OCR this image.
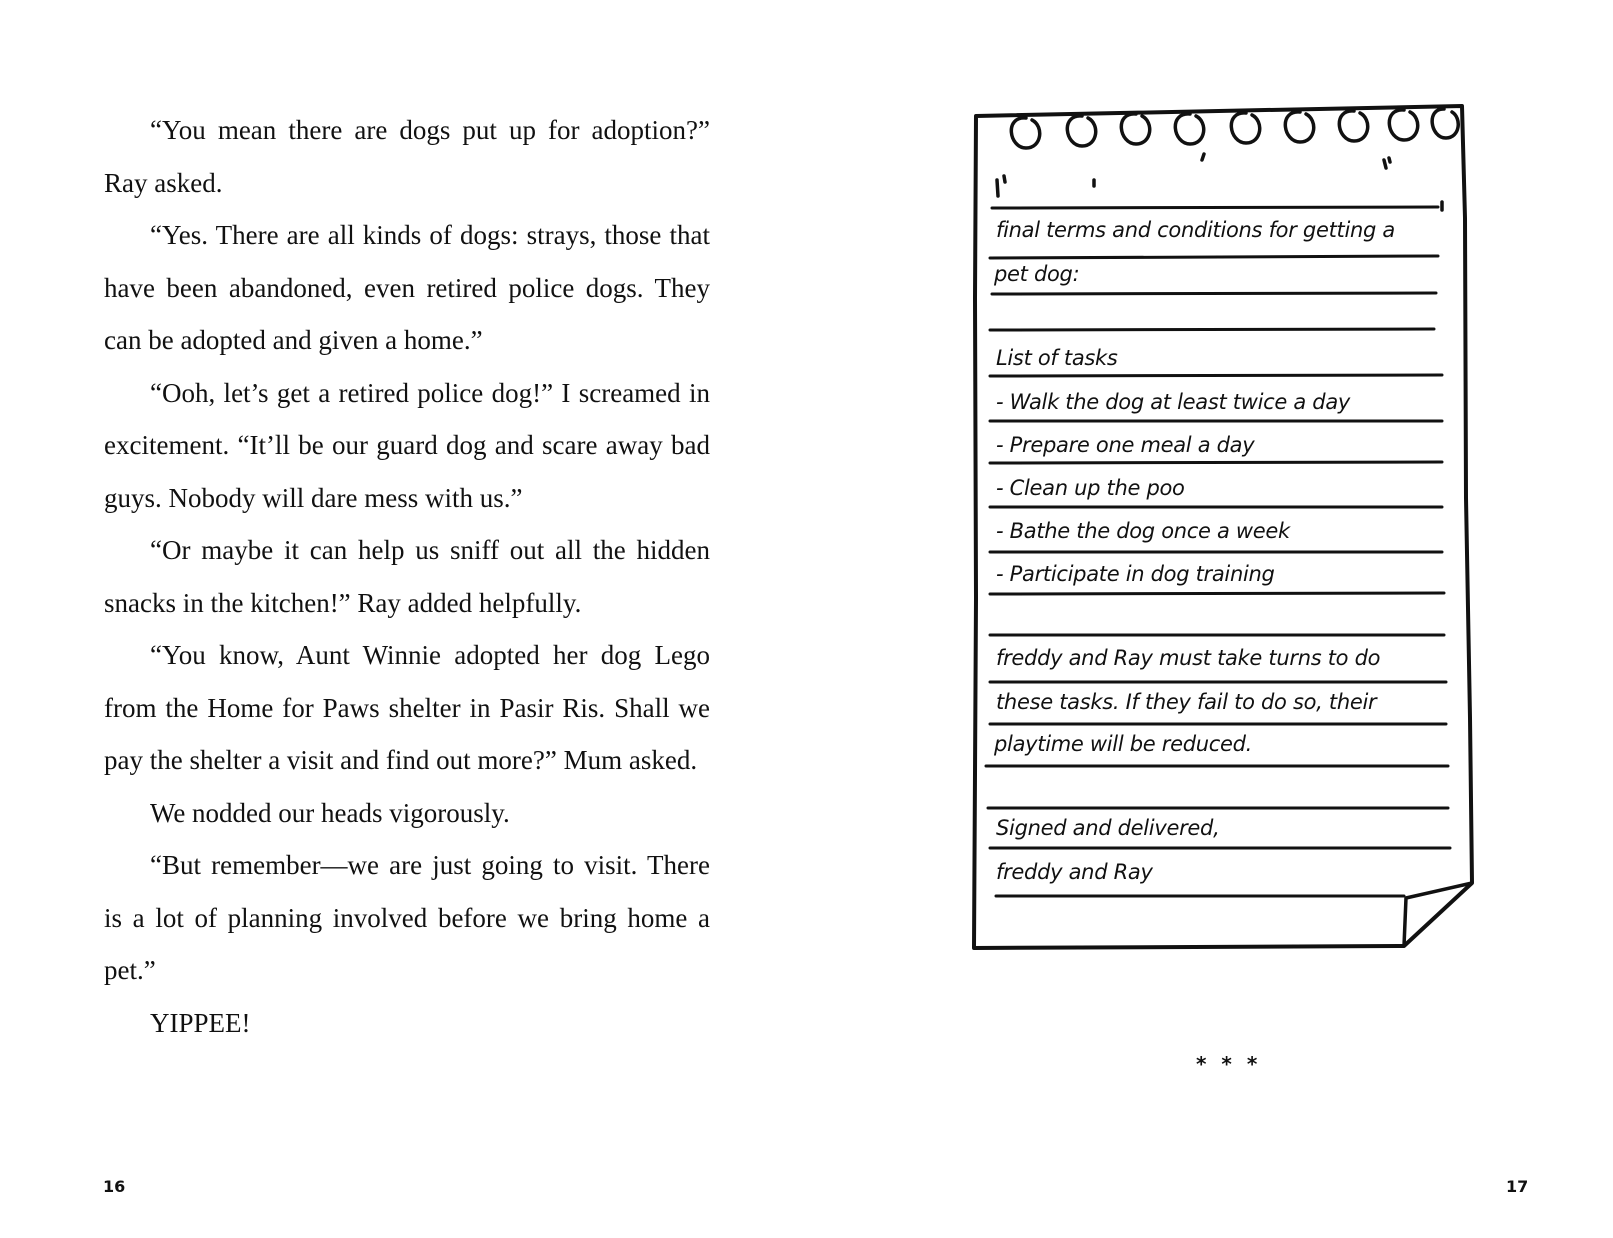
“You mean there are dogs put up for adoption?” Ray asked.

“Yes. There are all kinds of dogs: strays, those that have been abandoned, even retired police dogs. They can be adopted and given a home.”

“Ooh, let’s get a retired police dog!” I screamed in excitement. “It’ll be our guard dog and scare away bad guys. Nobody will dare mess with us.”

“Or maybe it can help us sniff out all the hidden snacks in the kitchen!” Ray added helpfully.

“You know, Aunt Winnie adopted her dog Lego from the Home for Paws shelter in Pasir Ris. Shall we pay the shelter a visit and find out more?” Mum asked.

We nodded our heads vigorously.

“But remember—we are just going to visit. There is a lot of planning involved before we bring home a pet.”

YIPPEE!

16
final terms and conditions for getting a
pet dog:
List of tasks
- Walk the dog at least twice a day
- Prepare one meal a day
- Clean up the poo
- Bathe the dog once a week
- Participate in dog training
freddy and Ray must take turns to do
these tasks. If they fail to do so, their
playtime will be reduced.
Signed and delivered,
freddy and Ray
* * *
17
